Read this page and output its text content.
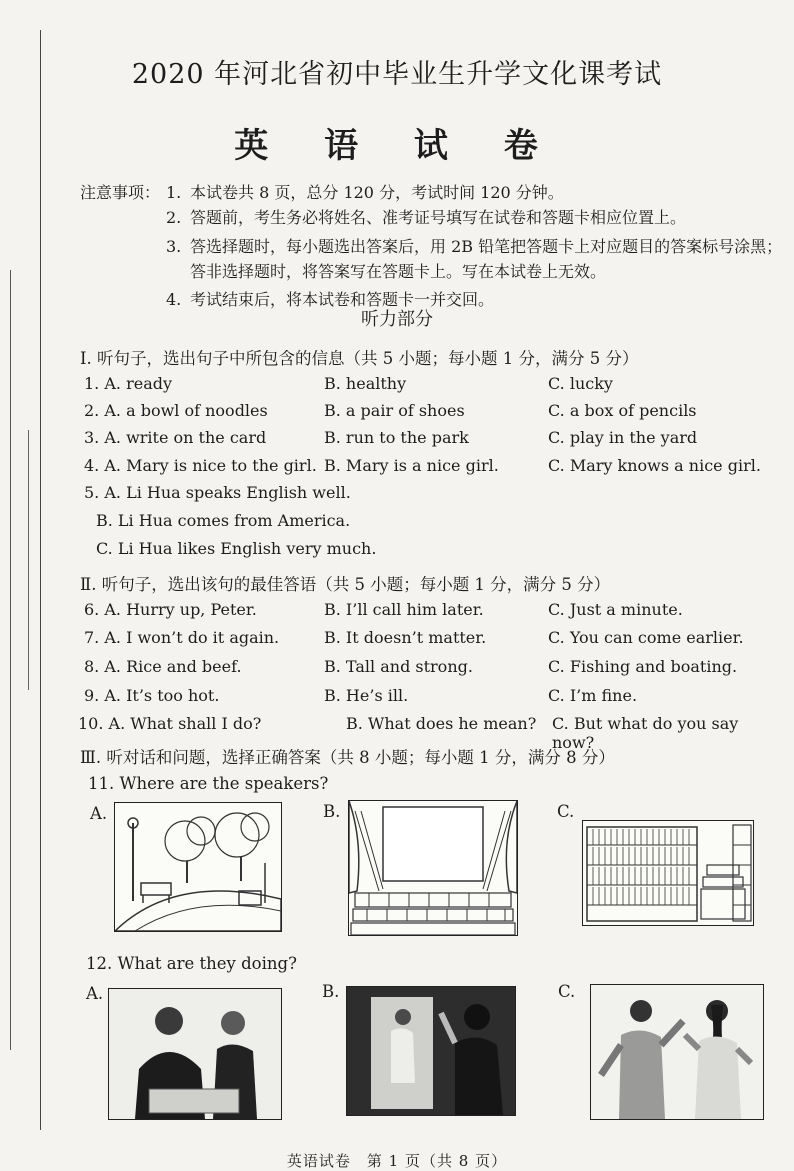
2020 年河北省初中毕业生升学文化课考试
英 语 试 卷
注意事项： 1. 本试卷共 8 页，总分 120 分，考试时间 120 分钟。
2. 答题前，考生务必将姓名、准考证号填写在试卷和答题卡相应位置上。
3. 答选择题时，每小题选出答案后，用 2B 铅笔把答题卡上对应题目的答案标号涂黑；答非选择题时，将答案写在答题卡上。写在本试卷上无效。
4. 考试结束后，将本试卷和答题卡一并交回。
听力部分
Ⅰ. 听句子，选出句子中所包含的信息（共 5 小题；每小题 1 分，满分 5 分）
1. A. ready	B. healthy	C. lucky
2. A. a bowl of noodles	B. a pair of shoes	C. a box of pencils
3. A. write on the card	B. run to the park	C. play in the yard
4. A. Mary is nice to the girl. B. Mary is a nice girl.	C. Mary knows a nice girl.
5. A. Li Hua speaks English well.
B. Li Hua comes from America.
C. Li Hua likes English very much.
Ⅱ. 听句子，选出该句的最佳答语（共 5 小题；每小题 1 分，满分 5 分）
6. A. Hurry up, Peter.	B. I’ll call him later.	C. Just a minute.
7. A. I won’t do it again.	B. It doesn’t matter.	C. You can come earlier.
8. A. Rice and beef.	B. Tall and strong.	C. Fishing and boating.
9. A. It’s too hot.	B. He’s ill.	C. I’m fine.
10. A. What shall I do?	B. What does he mean? C. But what do you say now?
Ⅲ. 听对话和问题，选择正确答案（共 8 小题；每小题 1 分，满分 8 分）
11. Where are the speakers?
A.	B.	C.
12. What are they doing?
A.	B.	C.
英语试卷　第 1 页（共 8 页）
